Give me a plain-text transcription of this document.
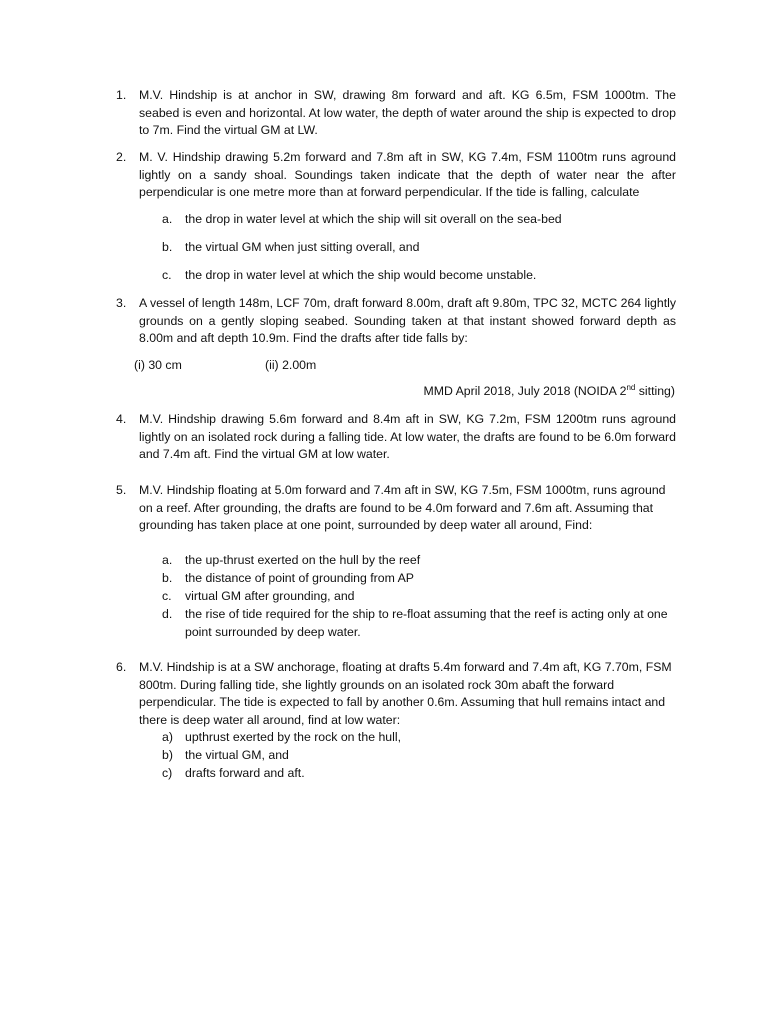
1. M.V. Hindship is at anchor in SW, drawing 8m forward and aft. KG 6.5m, FSM 1000tm. The seabed is even and horizontal. At low water, the depth of water around the ship is expected to drop to 7m. Find the virtual GM at LW.
2. M. V. Hindship drawing 5.2m forward and 7.8m aft in SW, KG 7.4m, FSM 1100tm runs aground lightly on a sandy shoal. Soundings taken indicate that the depth of water near the after perpendicular is one metre more than at forward perpendicular. If the tide is falling, calculate
a. the drop in water level at which the ship will sit overall on the sea-bed
b. the virtual GM when just sitting overall, and
c. the drop in water level at which the ship would become unstable.
3. A vessel of length 148m, LCF 70m, draft forward 8.00m, draft aft 9.80m, TPC 32, MCTC 264 lightly grounds on a gently sloping seabed. Sounding taken at that instant showed forward depth as 8.00m and aft depth 10.9m. Find the drafts after tide falls by:
(i) 30 cm	(ii) 2.00m
MMD April 2018, July 2018 (NOIDA 2nd sitting)
4. M.V. Hindship drawing 5.6m forward and 8.4m aft in SW, KG 7.2m, FSM 1200tm runs aground lightly on an isolated rock during a falling tide. At low water, the drafts are found to be 6.0m forward and 7.4m aft. Find the virtual GM at low water.
5. M.V. Hindship floating at 5.0m forward and 7.4m aft in SW, KG 7.5m, FSM 1000tm, runs aground on a reef. After grounding, the drafts are found to be 4.0m forward and 7.6m aft. Assuming that grounding has taken place at one point, surrounded by deep water all around, Find:
a. the up-thrust exerted on the hull by the reef
b. the distance of point of grounding from AP
c. virtual GM after grounding, and
d. the rise of tide required for the ship to re-float assuming that the reef is acting only at one point surrounded by deep water.
6. M.V. Hindship is at a SW anchorage, floating at drafts 5.4m forward and 7.4m aft, KG 7.70m, FSM 800tm. During falling tide, she lightly grounds on an isolated rock 30m abaft the forward perpendicular. The tide is expected to fall by another 0.6m. Assuming that hull remains intact and there is deep water all around, find at low water:
a) upthrust exerted by the rock on the hull,
b) the virtual GM, and
c) drafts forward and aft.
